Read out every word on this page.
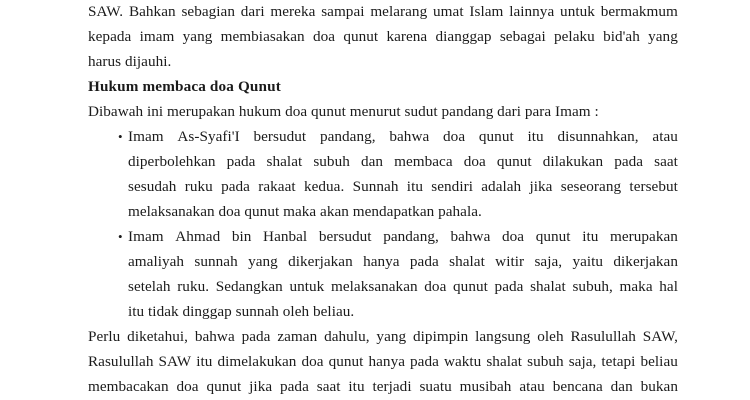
SAW. Bahkan sebagian dari mereka sampai melarang umat Islam lainnya untuk bermakmum
kepada imam yang membiasakan doa qunut karena dianggap sebagai pelaku bid'ah yang
harus dijauhi.
Hukum membaca doa Qunut
Dibawah ini merupakan hukum doa qunut menurut sudut pandang dari para Imam :
• Imam As-Syafi'I bersudut pandang, bahwa doa qunut itu disunnahkan, atau
diperbolehkan pada shalat subuh dan membaca doa qunut dilakukan pada saat
sesudah ruku pada rakaat kedua. Sunnah itu sendiri adalah jika seseorang tersebut
melaksanakan doa qunut maka akan mendapatkan pahala.
• Imam Ahmad bin Hanbal bersudut pandang, bahwa doa qunut itu merupakan
amaliyah sunnah yang dikerjakan hanya pada shalat witir saja, yaitu dikerjakan
setelah ruku. Sedangkan untuk melaksanakan doa qunut pada shalat subuh, maka hal
itu tidak dinggap sunnah oleh beliau.
Perlu diketahui, bahwa pada zaman dahulu, yang dipimpin langsung oleh Rasulullah SAW,
Rasulullah SAW itu dimelakukan doa qunut hanya pada waktu shalat subuh saja, tetapi beliau
membacakan doa qunut jika pada saat itu terjadi suatu musibah atau bencana dan bukan
